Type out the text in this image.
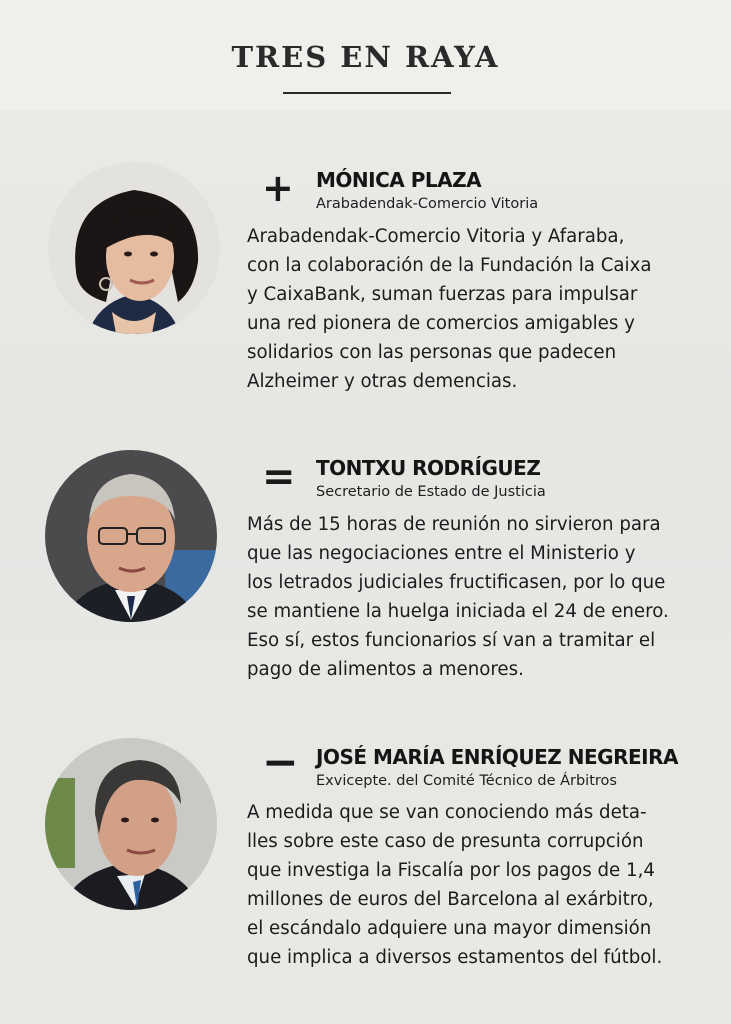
TRES EN RAYA
+ MÓNICA PLAZA
Arabadendak-Comercio Vitoria
Arabadendak-Comercio Vitoria y Afaraba,
con la colaboración de la Fundación la Caixa
y CaixaBank, suman fuerzas para impulsar
una red pionera de comercios amigables y
solidarios con las personas que padecen
Alzheimer y otras demencias.
= TONTXU RODRÍGUEZ
Secretario de Estado de Justicia
Más de 15 horas de reunión no sirvieron para
que las negociaciones entre el Ministerio y
los letrados judiciales fructificasen, por lo que
se mantiene la huelga iniciada el 24 de enero.
Eso sí, estos funcionarios sí van a tramitar el
pago de alimentos a menores.
− JOSÉ MARÍA ENRÍQUEZ NEGREIRA
Exvicepte. del Comité Técnico de Árbitros
A medida que se van conociendo más deta-
lles sobre este caso de presunta corrupción
que investiga la Fiscalía por los pagos de 1,4
millones de euros del Barcelona al exárbitro,
el escándalo adquiere una mayor dimensión
que implica a diversos estamentos del fútbol.
